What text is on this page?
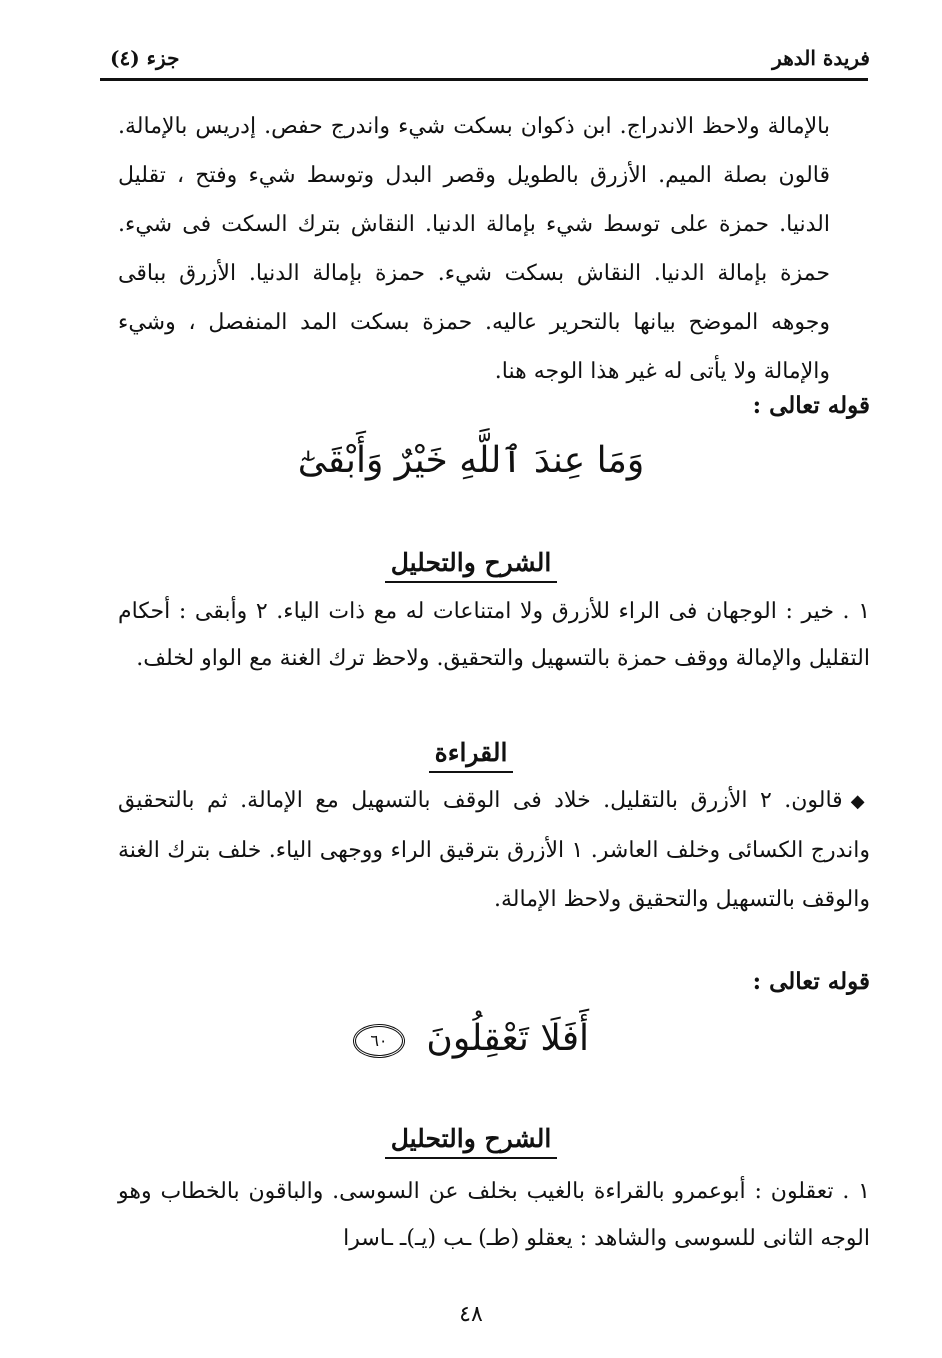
فريدة الدهر
جزء (٤)
بالإمالة ولاحظ الاندراج. ابن ذكوان بسكت شيء واندرج حفص. إدريس بالإمالة. قالون بصلة الميم. الأزرق بالطويل وقصر البدل وتوسط شيء وفتح ، تقليل الدنيا. حمزة على توسط شيء بإمالة الدنيا. النقاش بترك السكت فى شيء. حمزة بإمالة الدنيا. النقاش بسكت شيء. حمزة بإمالة الدنيا. الأزرق بباقى وجوهه الموضح بيانها بالتحرير عاليه. حمزة بسكت المد المنفصل ، وشيء والإمالة ولا يأتى له غير هذا الوجه هنا.
قوله تعالى :
وَمَا عِندَ ٱللَّهِ خَيْرٌ وَأَبْقَىٰٓ
الشرح والتحليل
١ . خير : الوجهان فى الراء للأزرق ولا امتناعات له مع ذات الياء. ٢ وأبقى : أحكام التقليل والإمالة ووقف حمزة بالتسهيل والتحقيق. ولاحظ ترك الغنة مع الواو لخلف.
القراءة
◆قالون. ٢ الأزرق بالتقليل. خلاد فى الوقف بالتسهيل مع الإمالة. ثم بالتحقيق واندرج الكسائى وخلف العاشر. ١ الأزرق بترقيق الراء ووجهى الياء. خلف بترك الغنة والوقف بالتسهيل والتحقيق ولاحظ الإمالة.
قوله تعالى :
أَفَلَا تَعْقِلُونَ ٦٠
الشرح والتحليل
١ . تعقلون : أبوعمرو بالقراءة بالغيب بخلف عن السوسى. والباقون بالخطاب وهو الوجه الثانى للسوسى والشاهد : يعقلو (طـ) ـب (يـ)ـ ـاسرا
٤٨
